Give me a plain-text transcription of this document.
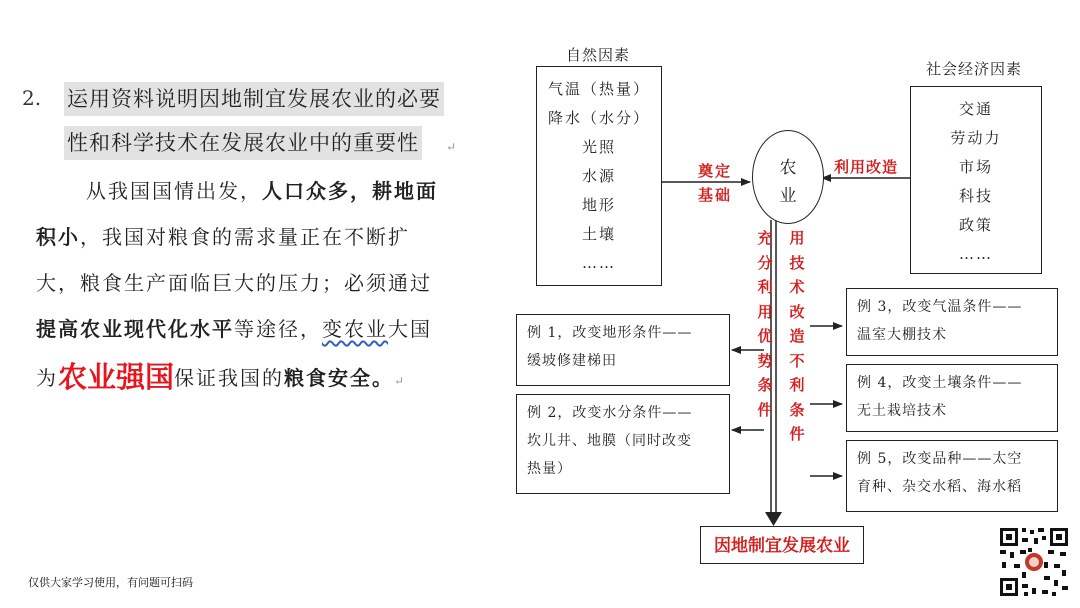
2. 运用资料说明因地制宜发展农业的必要
性和科学技术在发展农业中的重要性 ↵
从我国国情出发，人口众多，耕地面
积小，我国对粮食的需求量正在不断扩
大，粮食生产面临巨大的压力；必须通过
提高农业现代化水平等途径，变农业大国
为农业强国保证我国的粮食安全。↵
仅供大家学习使用，有问题可扫码
自然因素
气温（热量）
降水（水分）
光照
水源
地形
土壤
……
社会经济因素
交通
劳动力
市场
科技
政策
……
农
业
奠定
基础
利用改造
充
分
利
用
优
势
条
件
用
技
术
改
造
不
利
条
件
例 1，改变地形条件——
缓坡修建梯田
例 2，改变水分条件——
坎儿井、地膜（同时改变
热量）
例 3，改变气温条件——
温室大棚技术
例 4，改变土壤条件——
无土栽培技术
例 5，改变品种——太空
育种、杂交水稻、海水稻
因地制宜发展农业
